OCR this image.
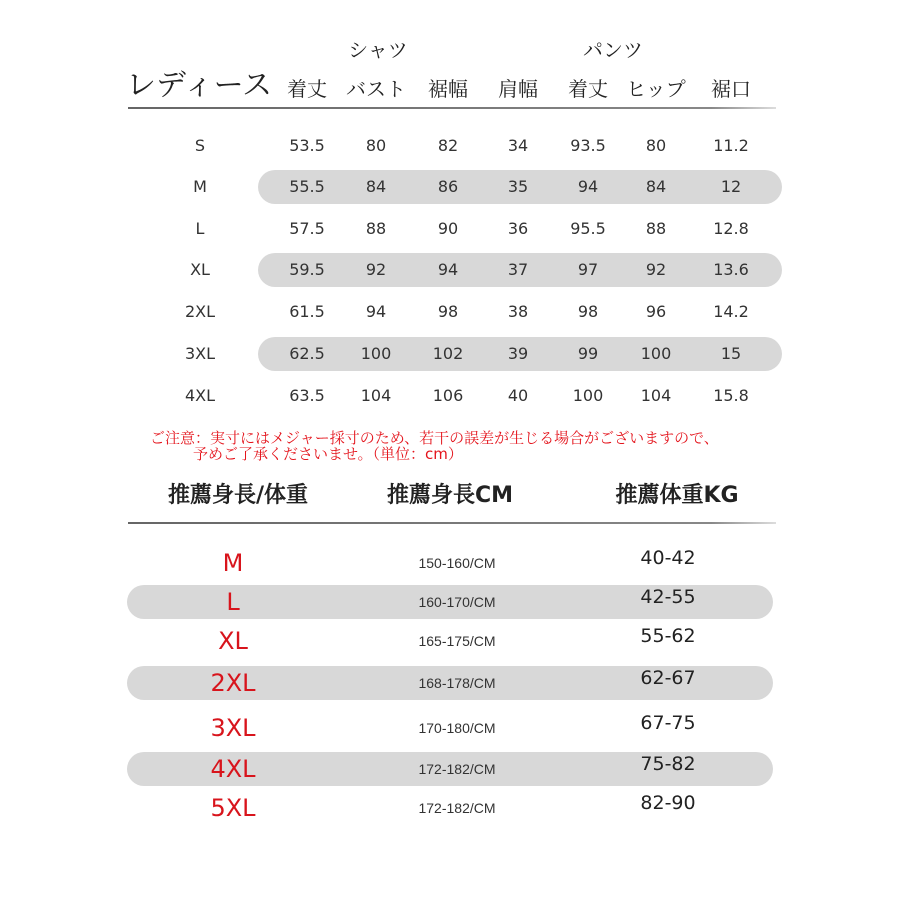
レディース
シャツ	パンツ
着丈 バスト 裾幅 肩幅 着丈 ヒップ 裾口
S	53.5	80	82	34	93.5	80	11.2
M	55.5	84	86	35	94	84	12
L	57.5	88	90	36	95.5	88	12.8
XL	59.5	92	94	37	97	92	13.6
2XL	61.5	94	98	38	98	96	14.2
3XL	62.5 100	102	39	99	100	15
4XL	63.5 104	106	40	100 104	15.8
ご注意：実寸にはメジャー採寸のため、若干の誤差が生じる場合がございますので、
予めご了承くださいませ。（単位：cm）
推薦身長/体重	推薦身長CM	推薦体重KG
M	150-160/CM	40-42
L	160-170/CM	42-55
XL	165-175/CM	55-62
2XL	168-178/CM	62-67
3XL	170-180/CM	67-75
4XL	172-182/CM	75-82
5XL	172-182/CM	82-90
